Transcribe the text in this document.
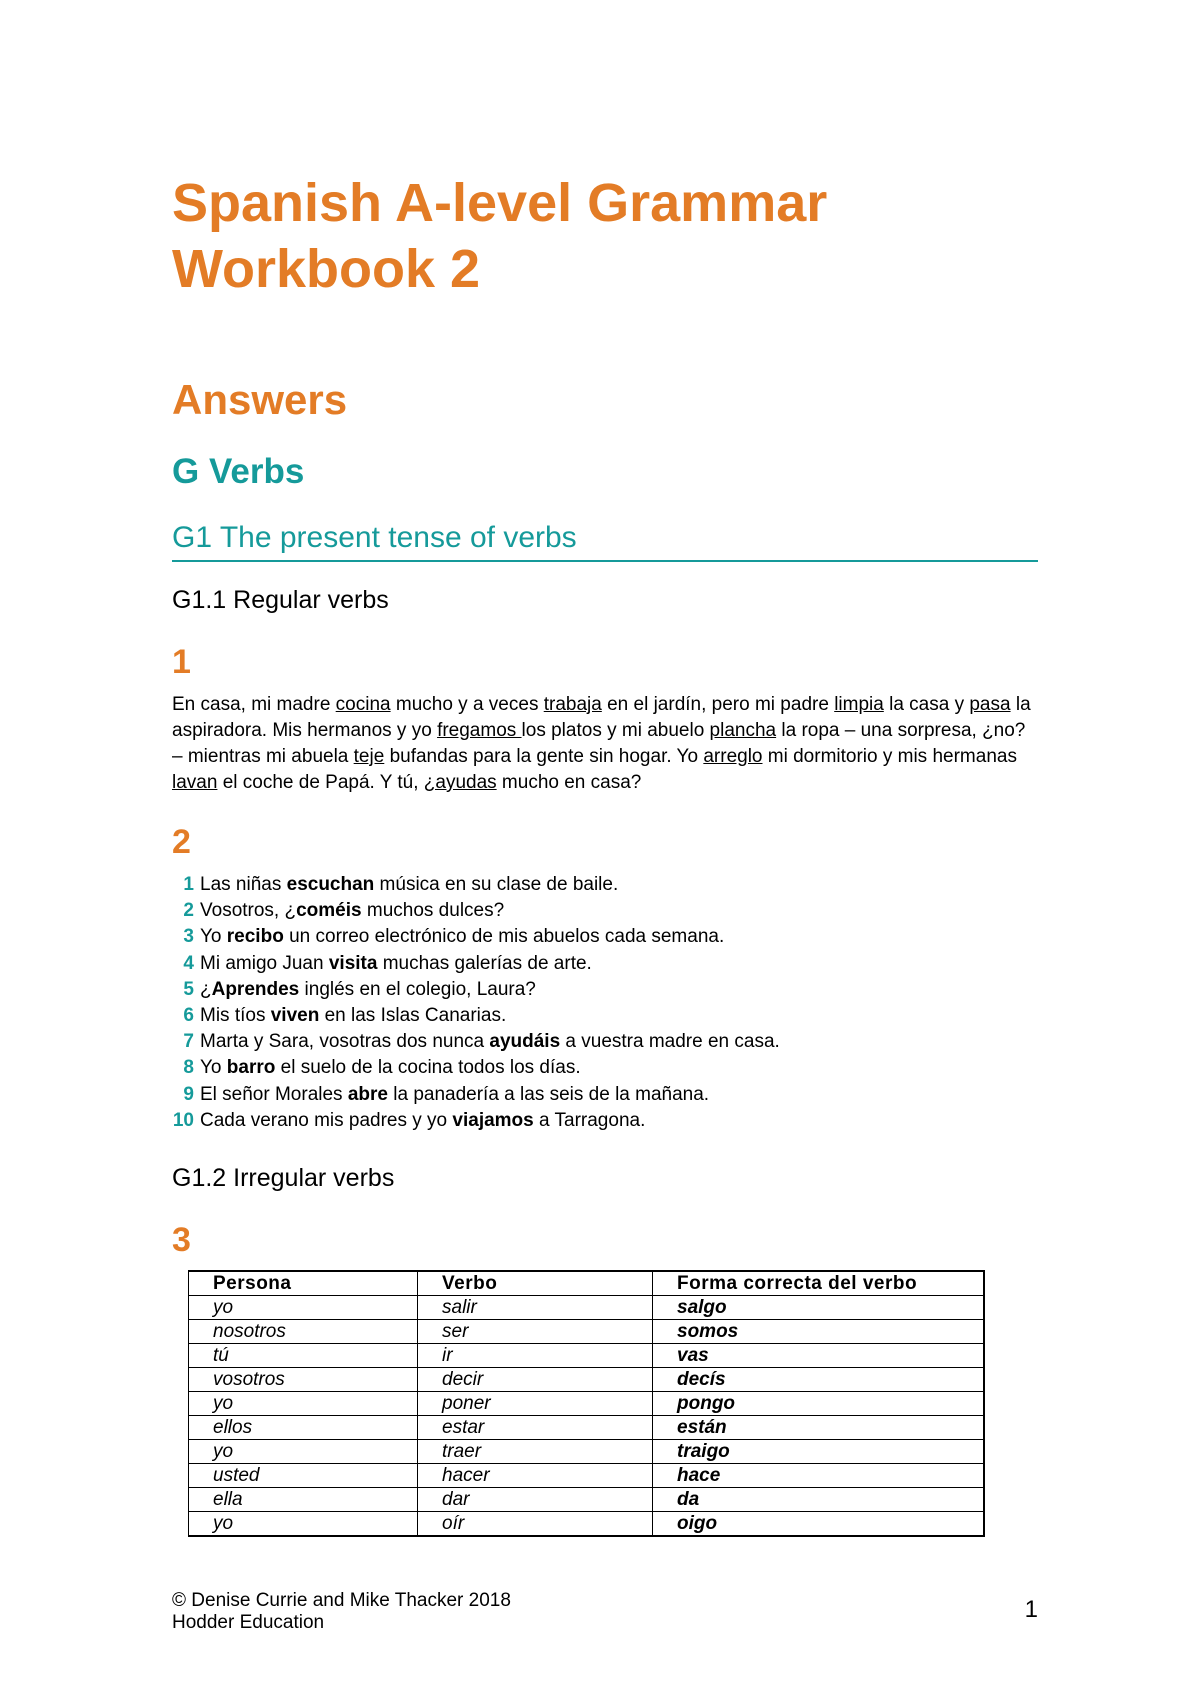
Spanish A-level Grammar
Workbook 2
Answers
G Verbs
G1 The present tense of verbs
G1.1 Regular verbs
1
En casa, mi madre cocina mucho y a veces trabaja en el jardín, pero mi padre limpia la casa y pasa la aspiradora. Mis hermanos y yo fregamos los platos y mi abuelo plancha la ropa – una sorpresa, ¿no? – mientras mi abuela teje bufandas para la gente sin hogar. Yo arreglo mi dormitorio y mis hermanas lavan el coche de Papá. Y tú, ¿ayudas mucho en casa?
2
1 Las niñas escuchan música en su clase de baile.
2 Vosotros, ¿coméis muchos dulces?
3 Yo recibo un correo electrónico de mis abuelos cada semana.
4 Mi amigo Juan visita muchas galerías de arte.
5 ¿Aprendes inglés en el colegio, Laura?
6 Mis tíos viven en las Islas Canarias.
7 Marta y Sara, vosotras dos nunca ayudáis a vuestra madre en casa.
8 Yo barro el suelo de la cocina todos los días.
9 El señor Morales abre la panadería a las seis de la mañana.
10 Cada verano mis padres y yo viajamos a Tarragona.
G1.2 Irregular verbs
3
Persona	Verbo	Forma correcta del verbo
yo	salir	salgo
nosotros	ser	somos
tú	ir	vas
vosotros	decir	decís
yo	poner	pongo
ellos	estar	están
yo	traer	traigo
usted	hacer	hace
ella	dar	da
yo	oír	oigo
© Denise Currie and Mike Thacker 2018
Hodder Education	1
